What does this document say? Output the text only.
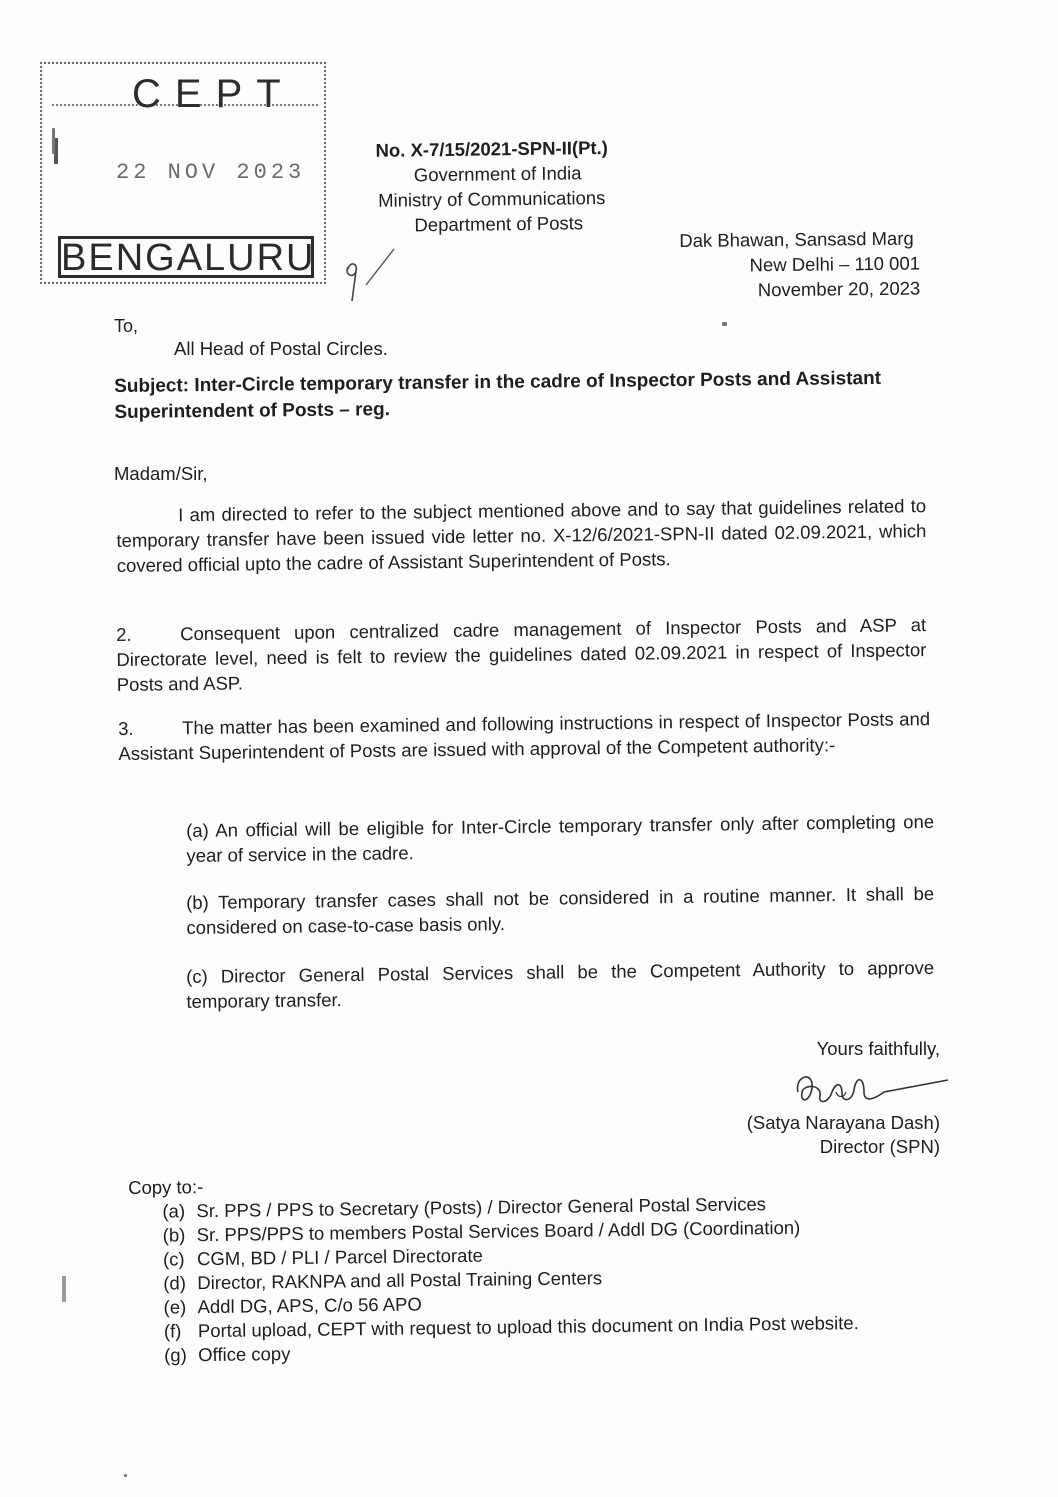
CEPT
22 NOV 2023
BENGALURU
No. X-7/15/2021-SPN-II(Pt.)
Government of India
Ministry of Communications
Department of Posts
Dak Bhawan, Sansasd Marg
New Delhi – 110 001
November 20, 2023
To,
All Head of Postal Circles.
Subject: Inter-Circle temporary transfer in the cadre of Inspector Posts and Assistant Superintendent of Posts – reg.
Madam/Sir,
I am directed to refer to the subject mentioned above and to say that guidelines related to temporary transfer have been issued vide letter no. X-12/6/2021-SPN-II dated 02.09.2021, which covered official upto the cadre of Assistant Superintendent of Posts.
2.	Consequent upon centralized cadre management of Inspector Posts and ASP at Directorate level, need is felt to review the guidelines dated 02.09.2021 in respect of Inspector Posts and ASP.
3.	The matter has been examined and following instructions in respect of Inspector Posts and Assistant Superintendent of Posts are issued with approval of the Competent authority:-
(a) An official will be eligible for Inter-Circle temporary transfer only after completing one year of service in the cadre.
(b) Temporary transfer cases shall not be considered in a routine manner. It shall be considered on case-to-case basis only.
(c) Director General Postal Services shall be the Competent Authority to approve temporary transfer.
Yours faithfully,
(Satya Narayana Dash)
Director (SPN)
Copy to:-
(a) Sr. PPS / PPS to Secretary (Posts) / Director General Postal Services
(b) Sr. PPS/PPS to members Postal Services Board / Addl DG (Coordination)
(c) CGM, BD / PLI / Parcel Directorate
(d) Director, RAKNPA and all Postal Training Centers
(e) Addl DG, APS, C/o 56 APO
(f) Portal upload, CEPT with request to upload this document on India Post website.
(g) Office copy
